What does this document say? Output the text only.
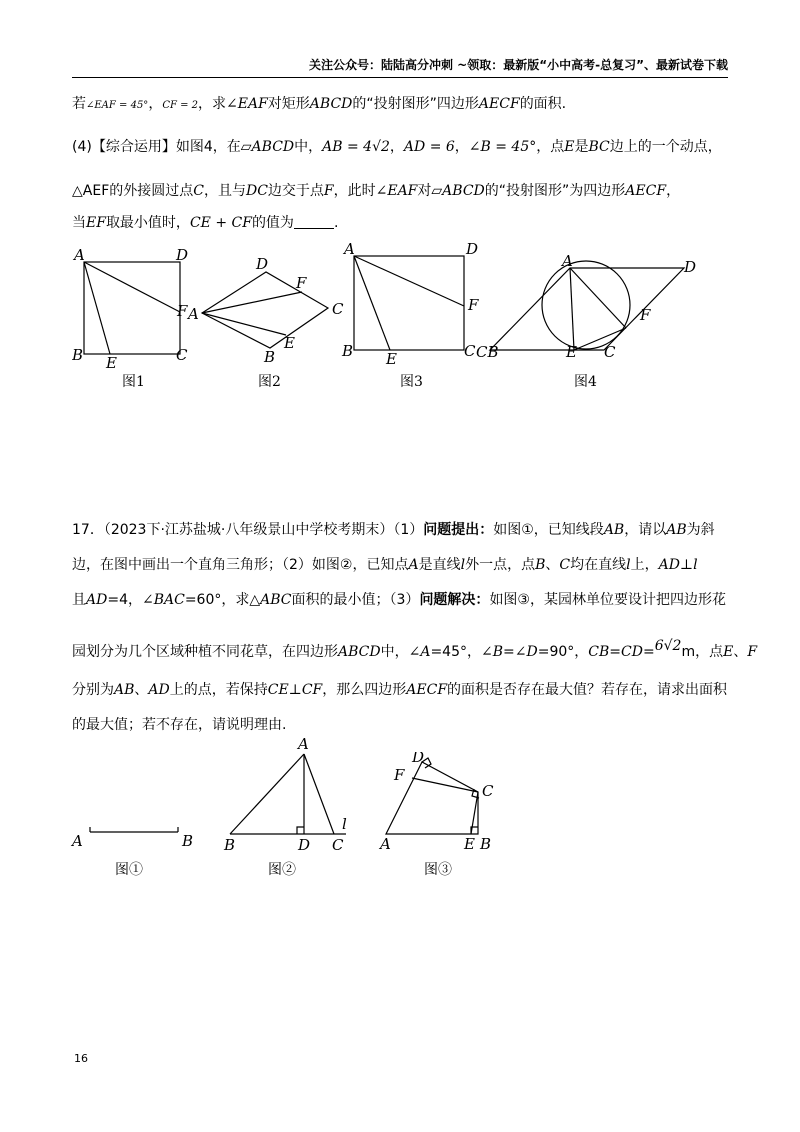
关注公众号：陆陆高分冲刺 ~领取：最新版“小中高考-总复习”、最新试卷下载
若∠EAF = 45°，CF = 2，求∠EAF对矩形ABCD的“投射图形”四边形AECF的面积.
(4)【综合运用】如图4，在▱ABCD中，AB = 4√2，AD = 6，∠B = 45°，点E是BC边上的一个动点，
△AEF的外接圆过点C，且与DC边交于点F，此时∠EAF对▱ABCD的“投射图形”为四边形AECF，
当EF取最小值时，CE + CF的值为	.
A	D
F
B E	C
图1
D
F
A	C
E
B
图2
A	D
F
B E	C
图3
A	D
F
CB	E C
图4
17．（2023下·江苏盐城·八年级景山中学校考期末）（1）问题提出：如图①，已知线段AB，请以AB为斜
边，在图中画出一个直角三角形；（2）如图②，已知点A是直线l外一点，点B、C均在直线l上，AD⊥l
且AD=4，∠BAC=60°，求△ABC面积的最小值；（3）问题解决：如图③，某园林单位要设计把四边形花
园划分为几个区域种植不同花草，在四边形ABCD中，∠A=45°，∠B=∠D=90°，CB=CD=6√2m，点E、F
分别为AB、AD上的点，若保持CE⊥CF，那么四边形AECF的面积是否存在最大值？若存在，请求出面积
的最大值；若不存在，请说明理由.
A	B
图①
A
l
B	D C
图②
D
F
C
A	E B
图③
16
